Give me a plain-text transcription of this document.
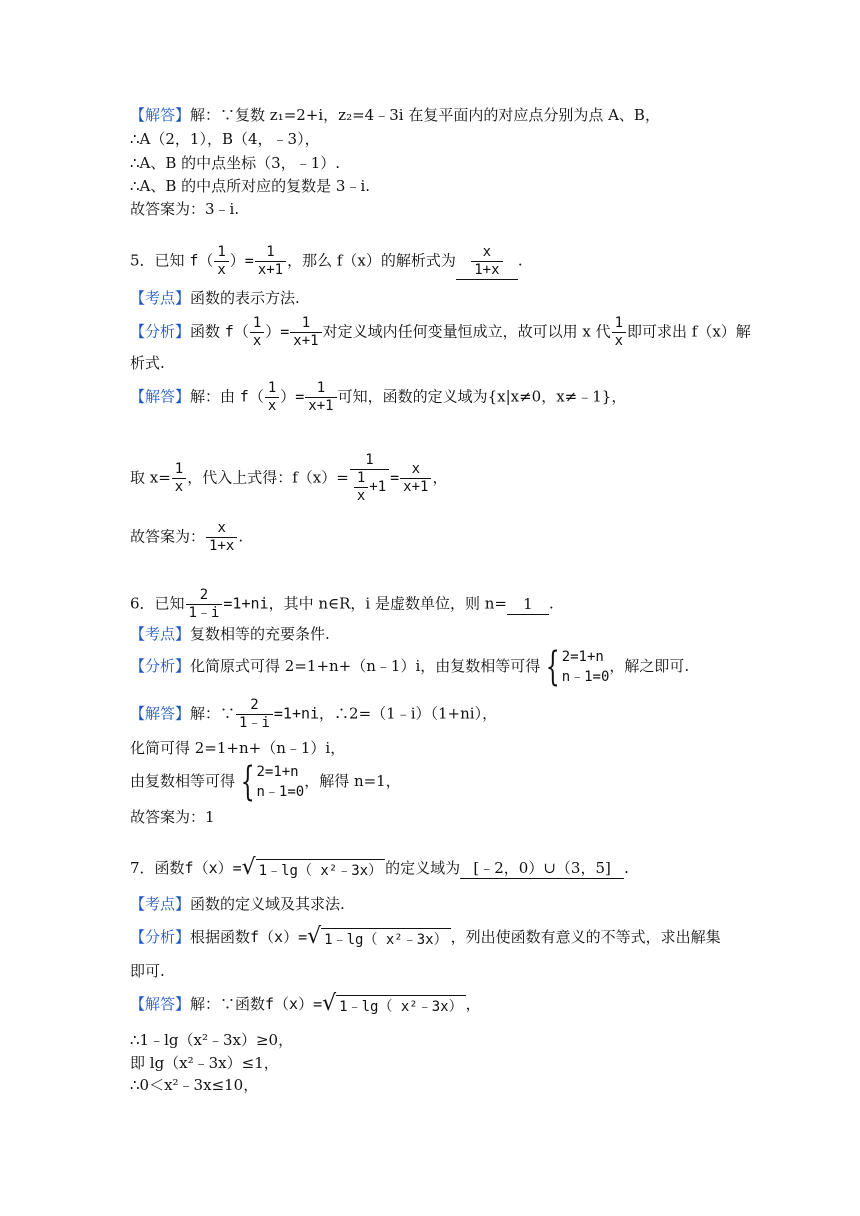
【解答】解：∵复数 z₁=2+i，z₂=4﹣3i 在复平面内的对应点分别为点 A、B，
∴A（2，1），B（4，﹣3），
∴A、B 的中点坐标（3，﹣1）.
∴A、B 的中点所对应的复数是 3﹣i.
故答案为：3﹣i.
5．已知 $f( \frac{1}{x}$ ）= $\frac{1}{x+1}$ ，那么 f（x）的解析式为 $\frac{x}{1+x}$ .
【考点】函数的表示方法.
【分析】函数 $f( \frac{1}{x}$ ）= $\frac{1}{x+1}$ 对定义域内任何变量恒成立，故可以用 x 代 $\frac{1}{x}$ 即可求出 f（x）解
析式.
【解答】解：由 $f( \frac{1}{x}$ ）= $\frac{1}{x+1}$ 可知，函数的定义域为{x|x≠0，x≠﹣1}，
取 $x= \frac{1}{x}$ ，代入上式得：$f(x)= \frac{1}{\frac{1}{x} +1} = \frac{x}{x+1}$ ，
故答案为： $\frac{x}{1+x}$ .
6．已知 $\frac{2}{1﹣i} =1+ni$，其中 n∈R，i 是虚数单位，则 n= 1 .
【考点】复数相等的充要条件.
【分析】化简原式可得 2=1+n+（n﹣1）i，由复数相等可得 { 2=1+n
n﹣1=0
，解之即可.
【解答】解：∵ $\frac{2}{1﹣i} =1+ni$，∴2=（1﹣i）（1+ni），
化简可得 2=1+n+（n﹣1）i，
由复数相等可得 { 2=1+n
n﹣1=0
，解得 n=1，
故答案为：1
7．函数f（x）= √ 1﹣lg（ x²﹣3x） 的定义域为 [﹣2，0）∪（3，5] .
【考点】函数的定义域及其求法.
【分析】根据函数f（x）= √ 1﹣lg（ x²﹣3x） ，列出使函数有意义的不等式，求出解集
即可.
【解答】解：∵函数f（x）= √ 1﹣lg（ x²﹣3x） ，
∴1﹣lg（x²﹣3x）≥0，
即 lg（x²﹣3x）≤1，
∴0＜x²﹣3x≤10，
